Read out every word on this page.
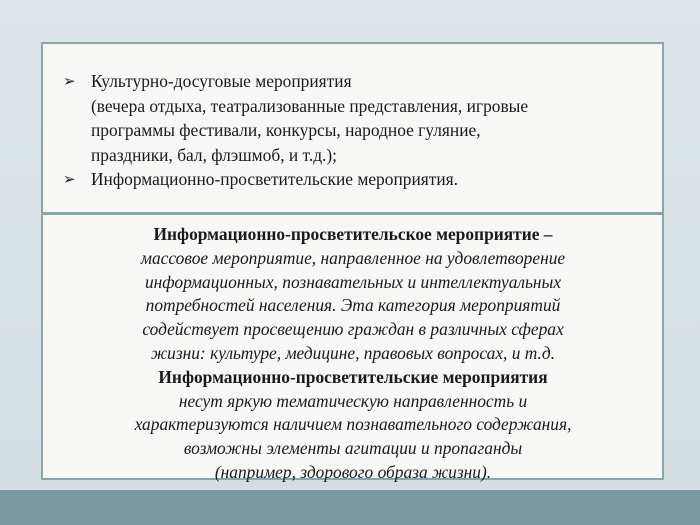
➢ Культурно-досуговые мероприятия
(вечера отдыха, театрализованные представления, игровые
программы фестивали, конкурсы, народное гуляние,
праздники, бал, флэшмоб, и т.д.);
➢ Информационно-просветительские мероприятия.
Информационно-просветительское мероприятие –
массовое мероприятие, направленное на удовлетворение
информационных, познавательных и интеллектуальных
потребностей населения. Эта категория мероприятий
содействует просвещению граждан в различных сферах
жизни: культуре, медицине, правовых вопросах, и т.д.
Информационно-просветительские мероприятия
несут яркую тематическую направленность и
характеризуются наличием познавательного содержания,
возможны элементы агитации и пропаганды
(например, здорового образа жизни).
